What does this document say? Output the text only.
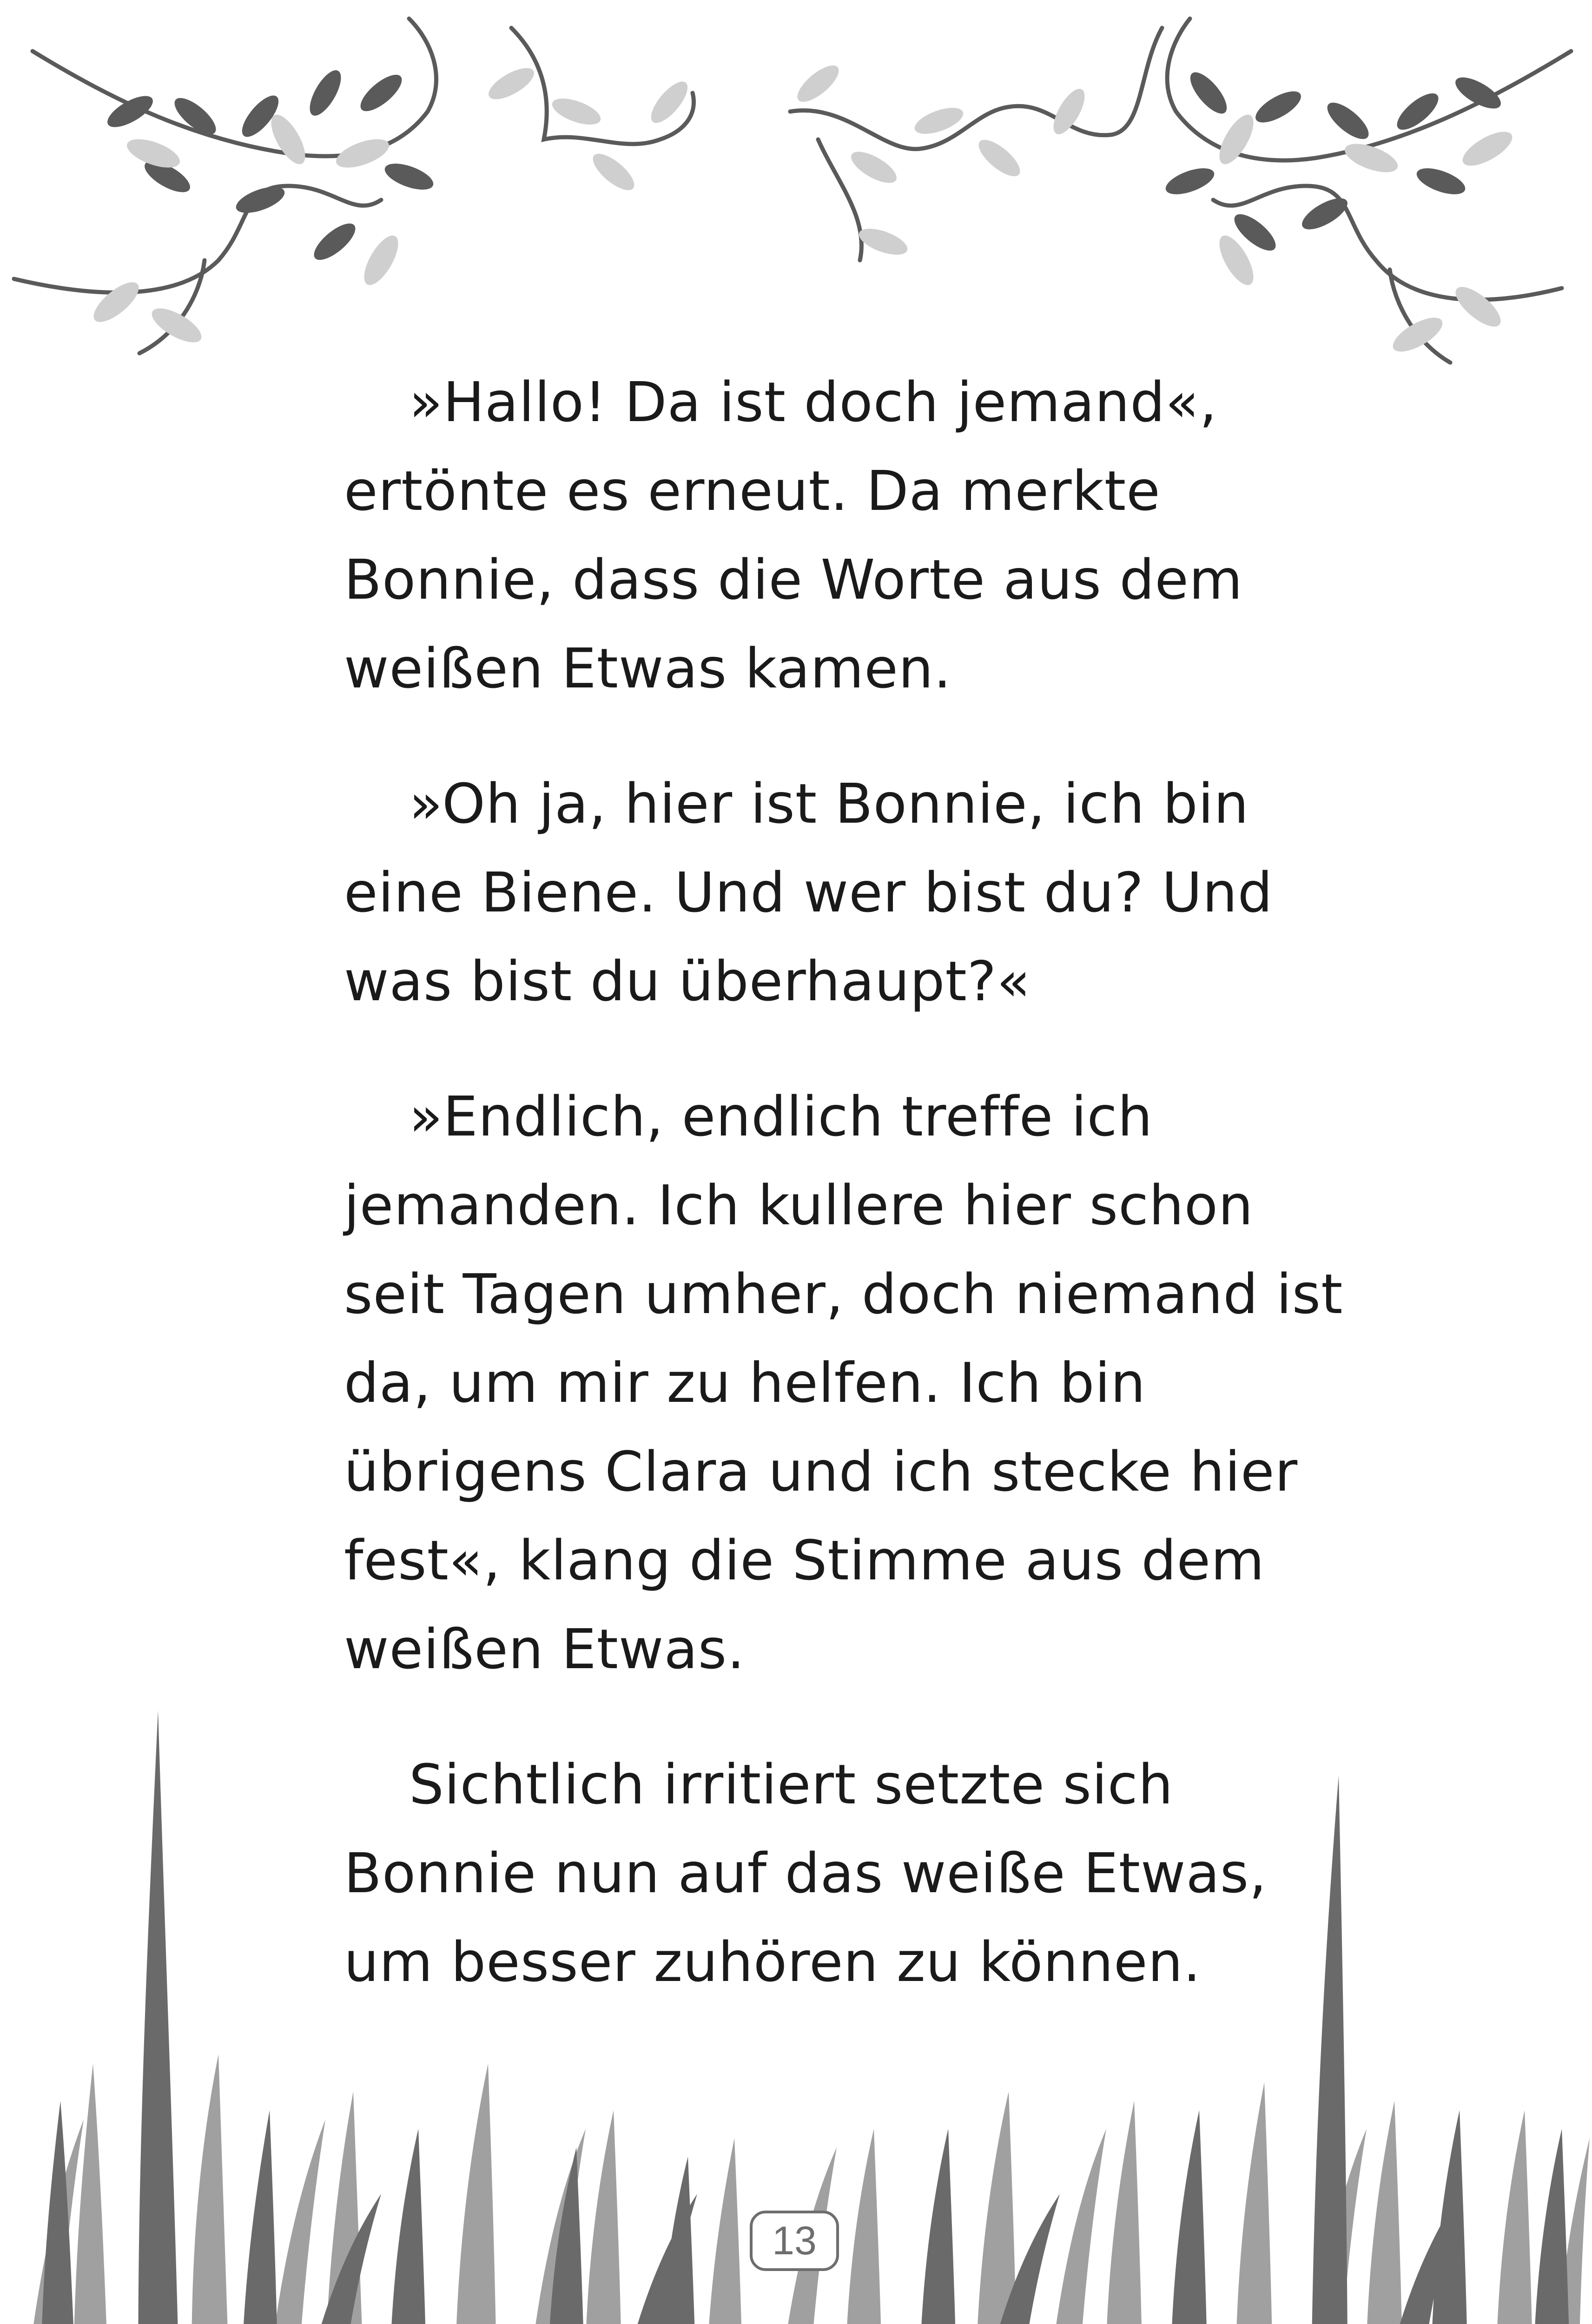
»Hallo! Da ist doch jemand«,
ertönte es erneut. Da merkte
Bonnie, dass die Worte aus dem
weißen Etwas kamen.
»Oh ja, hier ist Bonnie, ich bin
eine Biene. Und wer bist du? Und
was bist du überhaupt?«
»Endlich, endlich treffe ich
jemanden. Ich kullere hier schon
seit Tagen umher, doch niemand ist
da, um mir zu helfen. Ich bin
übrigens Clara und ich stecke hier
fest«, klang die Stimme aus dem
weißen Etwas.
Sichtlich irritiert setzte sich
Bonnie nun auf das weiße Etwas,
um besser zuhören zu können.
13
